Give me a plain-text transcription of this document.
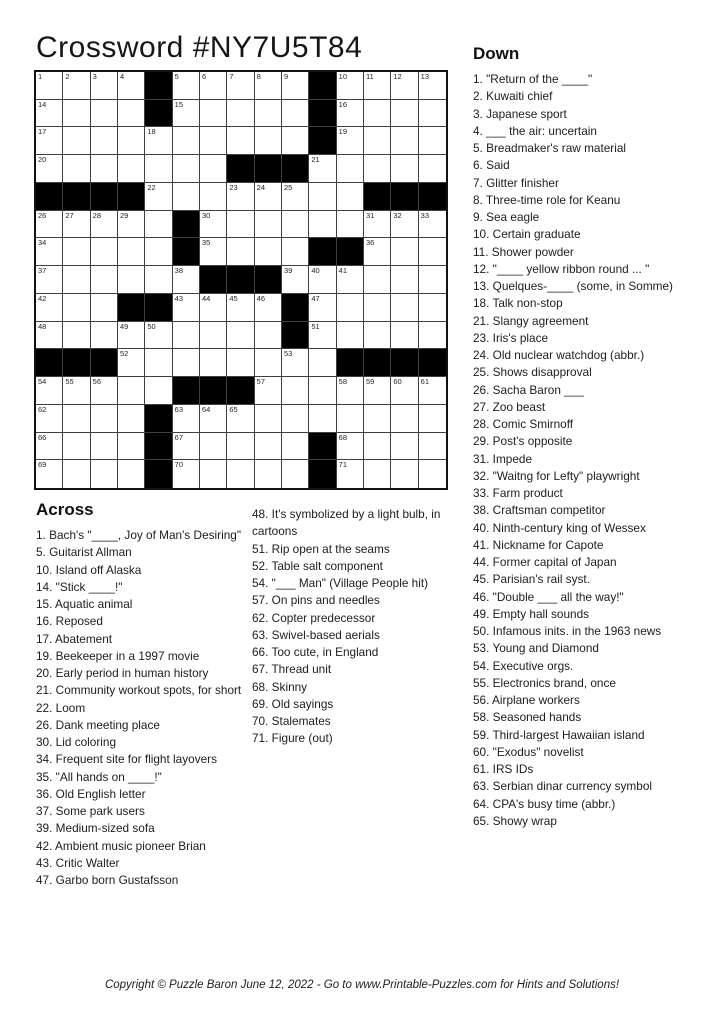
Crossword #NY7U5T84
1	2	3	4	5	6	7	8	9	10	11	12	13
14	15	16
17	18	19
20	21
22	23	24	25
26	27	28	29	30	31	32	33
34	35	36
37	38	39	40	41
42	43	44	45	46	47
48	49	50	51
52	53
54	55	56	57	58	59	60	61
62	63	64	65
66	67	68
69	70	71
Down
1. "Return of the ____"
2. Kuwaiti chief
3. Japanese sport
4. ___ the air: uncertain
5. Breadmaker's raw material
6. Said
7. Glitter finisher
8. Three-time role for Keanu
9. Sea eagle
10. Certain graduate
11. Shower powder
12. "____ yellow ribbon round ... "
13. Quelques-____ (some, in Somme)
18. Talk non-stop
21. Slangy agreement
23. Iris's place
24. Old nuclear watchdog (abbr.)
25. Shows disapproval
26. Sacha Baron ___
27. Zoo beast
28. Comic Smirnoff
29. Post's opposite
31. Impede
32. "Waitng for Lefty" playwright
33. Farm product
38. Craftsman competitor
40. Ninth-century king of Wessex
41. Nickname for Capote
44. Former capital of Japan
45. Parisian's rail syst.
46. "Double ___ all the way!"
49. Empty hall sounds
50. Infamous inits. in the 1963 news
53. Young and Diamond
54. Executive orgs.
55. Electronics brand, once
56. Airplane workers
58. Seasoned hands
59. Third-largest Hawaiian island
60. "Exodus" novelist
61. IRS IDs
63. Serbian dinar currency symbol
64. CPA's busy time (abbr.)
65. Showy wrap
Across
1. Bach's "____, Joy of Man's Desiring"
5. Guitarist Allman
10. Island off Alaska
14. "Stick ____!"
15. Aquatic animal
16. Reposed
17. Abatement
19. Beekeeper in a 1997 movie
20. Early period in human history
21. Community workout spots, for short
22. Loom
26. Dank meeting place
30. Lid coloring
34. Frequent site for flight layovers
35. "All hands on ____!"
36. Old English letter
37. Some park users
39. Medium-sized sofa
42. Ambient music pioneer Brian
43. Critic Walter
47. Garbo born Gustafsson
48. It's symbolized by a light bulb, in cartoons
51. Rip open at the seams
52. Table salt component
54. "___ Man" (Village People hit)
57. On pins and needles
62. Copter predecessor
63. Swivel-based aerials
66. Too cute, in England
67. Thread unit
68. Skinny
69. Old sayings
70. Stalemates
71. Figure (out)
Copyright © Puzzle Baron June 12, 2022 - Go to www.Printable-Puzzles.com for Hints and Solutions!
